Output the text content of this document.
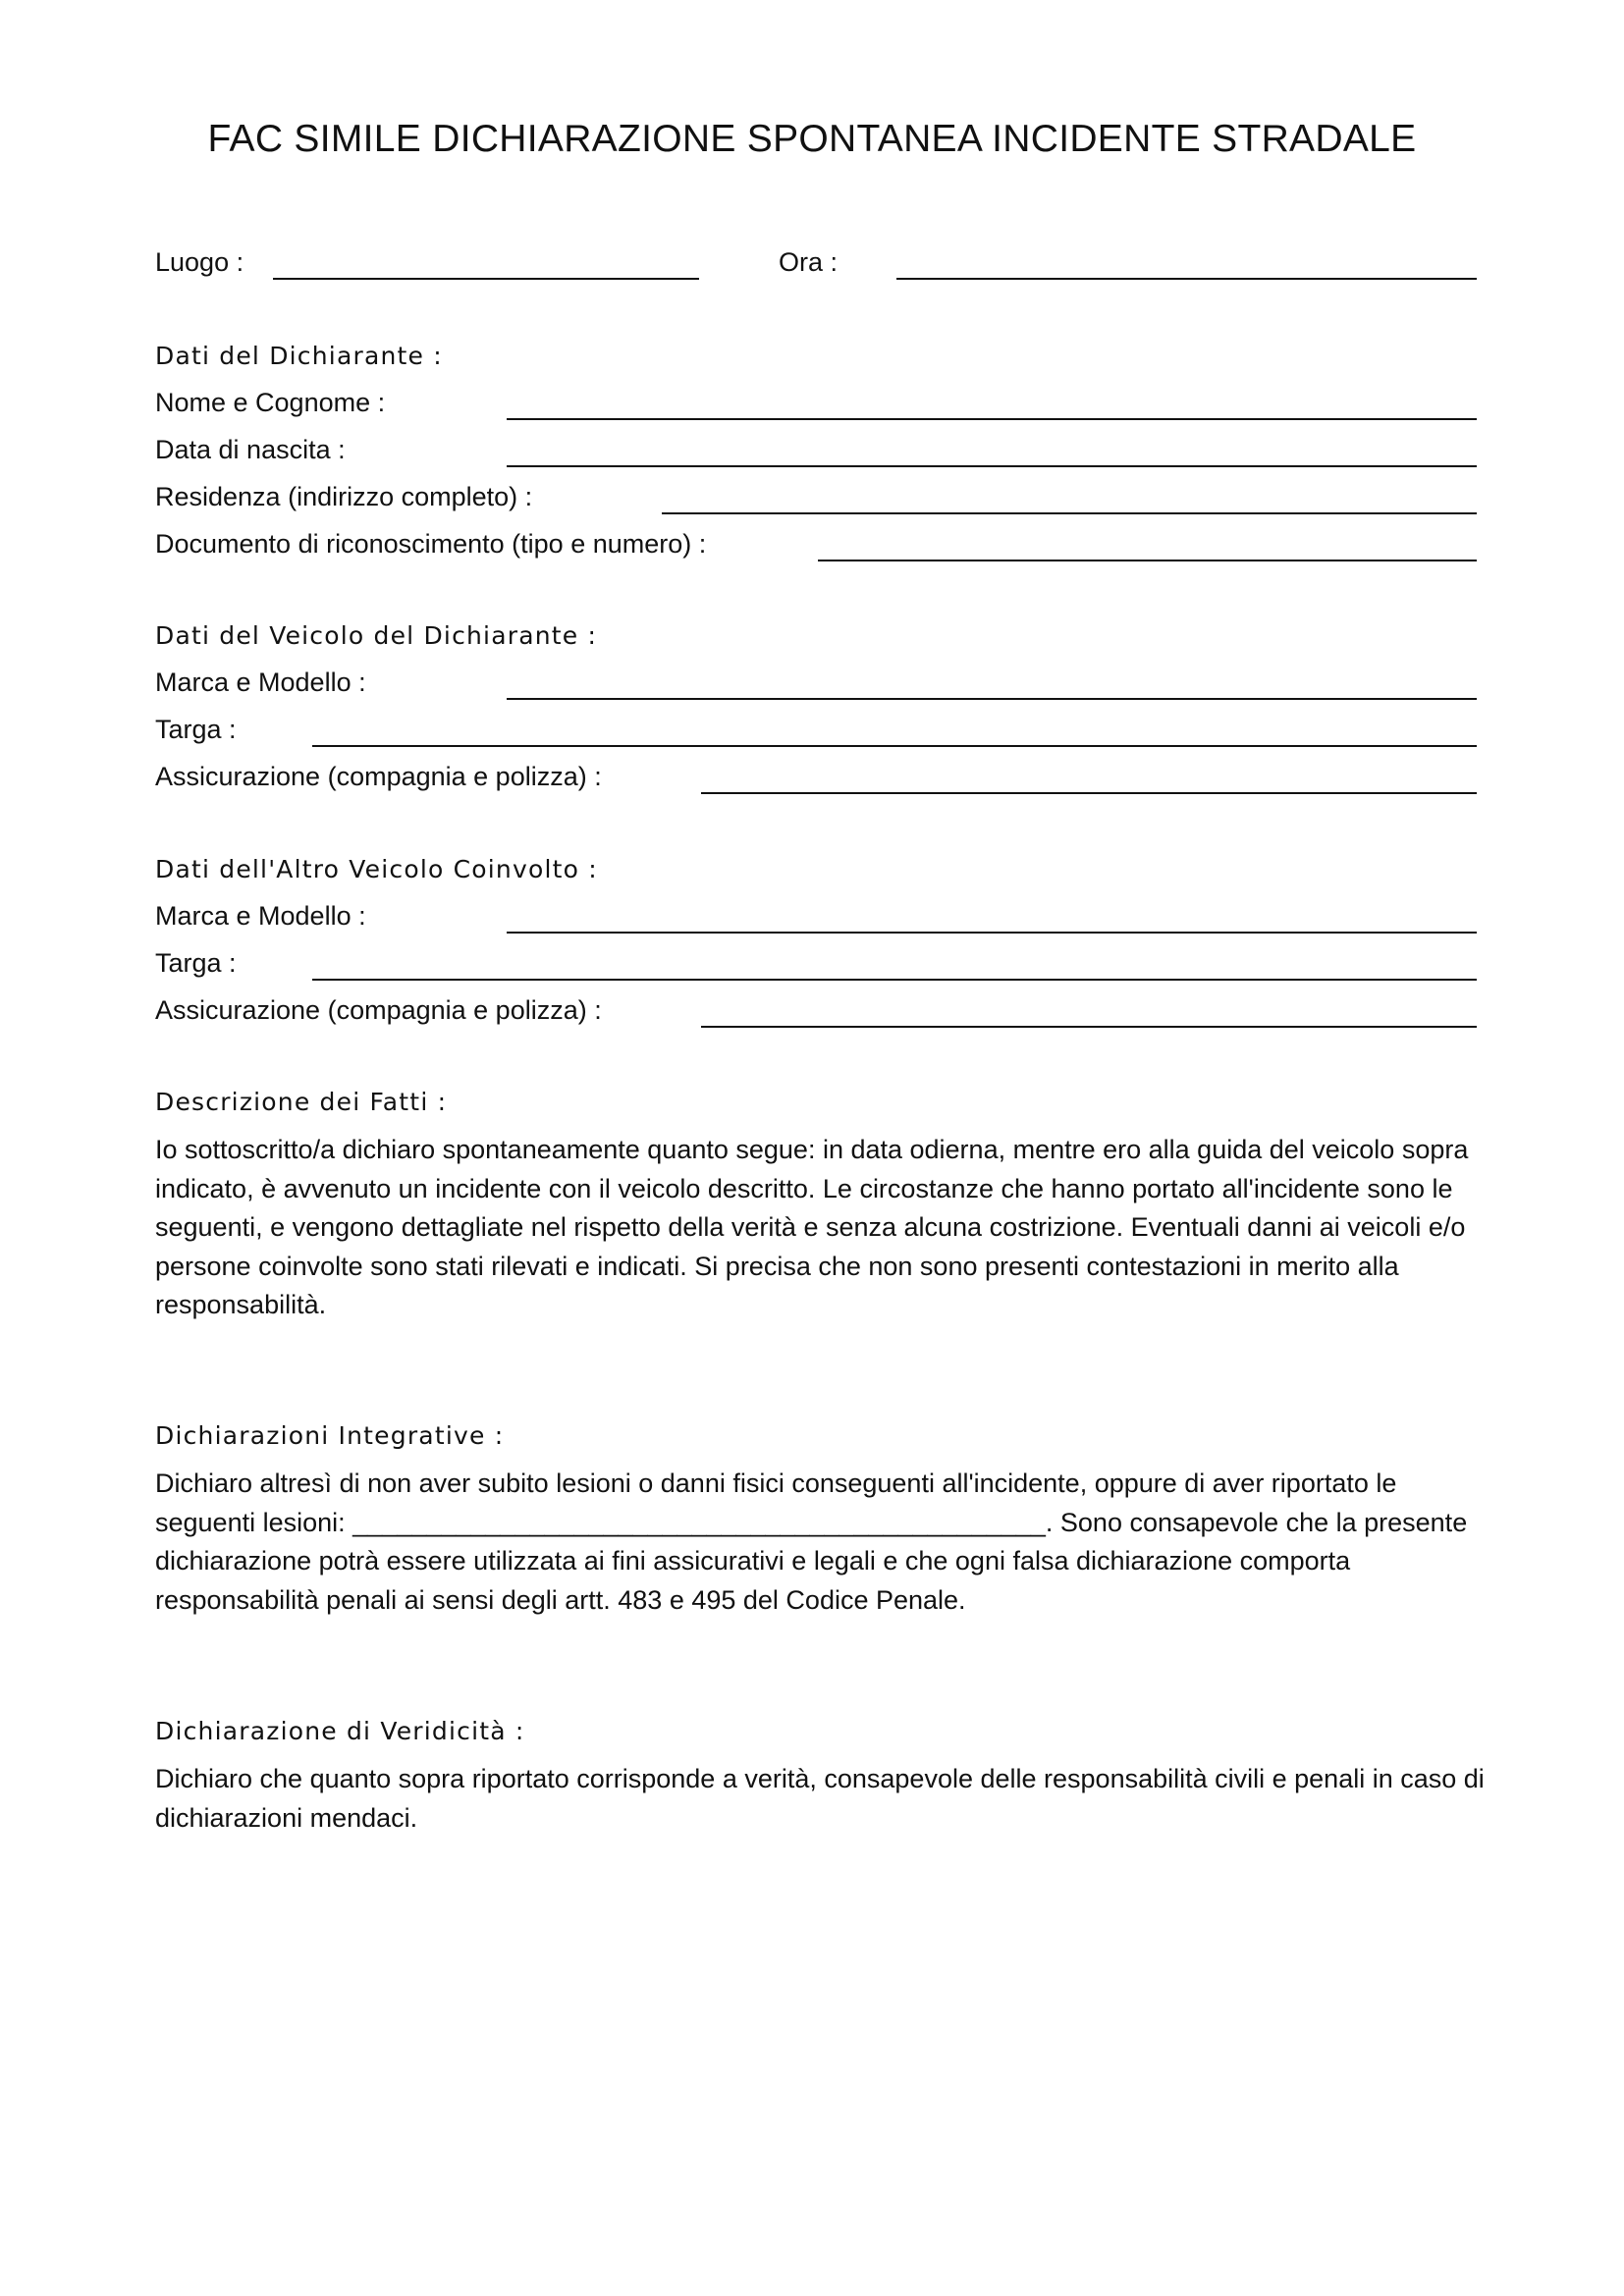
FAC SIMILE DICHIARAZIONE SPONTANEA INCIDENTE STRADALE
Luogo :	Ora :
Dati del Dichiarante :
Nome e Cognome :
Data di nascita :
Residenza (indirizzo completo) :
Documento di riconoscimento (tipo e numero) :
Dati del Veicolo del Dichiarante :
Marca e Modello :
Targa :
Assicurazione (compagnia e polizza) :
Dati dell'Altro Veicolo Coinvolto :
Marca e Modello :
Targa :
Assicurazione (compagnia e polizza) :
Descrizione dei Fatti :
Io sottoscritto/a dichiaro spontaneamente quanto segue: in data odierna, mentre ero alla guida del veicolo sopra indicato, è avvenuto un incidente con il veicolo descritto. Le circostanze che hanno portato all'incidente sono le seguenti, e vengono dettagliate nel rispetto della verità e senza alcuna costrizione. Eventuali danni ai veicoli e/o persone coinvolte sono stati rilevati e indicati. Si precisa che non sono presenti contestazioni in merito alla responsabilità.
Dichiarazioni Integrative :
Dichiaro altresì di non aver subito lesioni o danni fisici conseguenti all'incidente, oppure di aver riportato le seguenti lesioni: _______________________________________________. Sono consapevole che la presente dichiarazione potrà essere utilizzata ai fini assicurativi e legali e che ogni falsa dichiarazione comporta responsabilità penali ai sensi degli artt. 483 e 495 del Codice Penale.
Dichiarazione di Veridicità :
Dichiaro che quanto sopra riportato corrisponde a verità, consapevole delle responsabilità civili e penali in caso di dichiarazioni mendaci.
